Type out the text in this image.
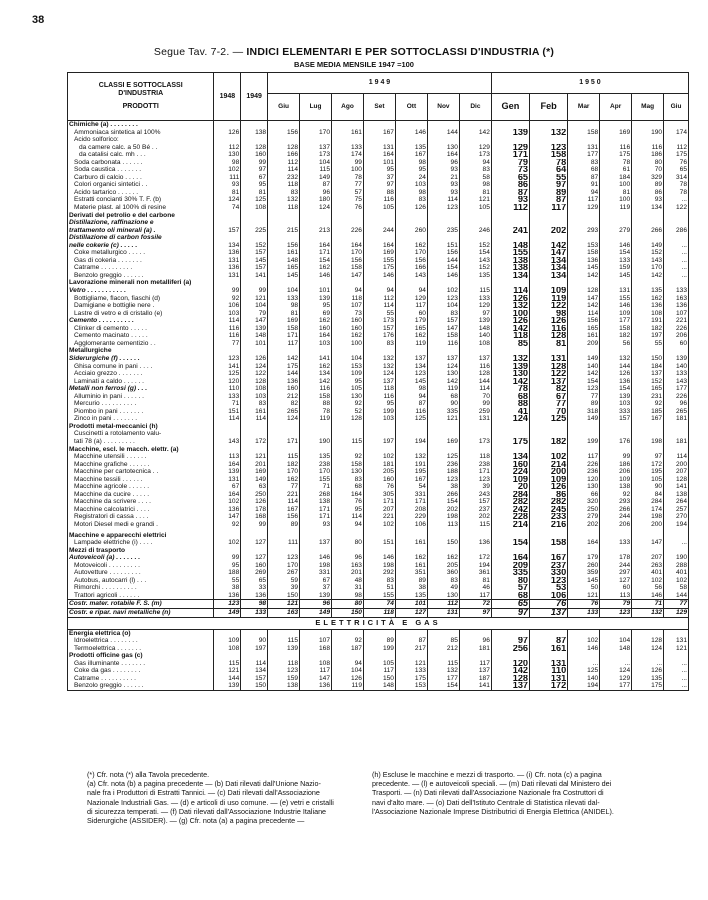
38
Segue Tav. 7-2. — INDICI ELEMENTARI E PER SOTTOCLASSI D'INDUSTRIA (*)
BASE MEDIA MENSILE 1947 =100
CLASSI E SOTTOCLASSI
D'INDUSTRIA
PRODOTTI	1948	1949	1 9 4 9							1 9 5 0					
			Giu	Lug	Ago	Set	Ott	Nov	Dic	Gen	Feb	Mar	Apr	Mag	Giu
Chimiche (a) . . . . . . . .															
Ammoniaca sintetica al 100%	126	138	156	170	161	167	146	144	142	139	132	158	169	190	174
Acido solforico:															
da camere calc. a 50 Bé . .	112	128	128	137	133	131	135	130	129	129	123	131	116	116	112
da catalisi calc. mh . . .	130	160	166	173	174	164	167	164	173	171	158	177	175	186	175
Soda carbonata . . . . . .	98	99	112	104	99	101	98	96	94	79	78	83	78	80	76
Soda caustica . . . . . . .	102	97	114	115	100	95	95	93	83	73	64	68	61	70	65
Carburo di calcio . . . . .	111	67	232	149	78	37	24	21	58	65	55	87	184	329	314
Colori organici sintetici . .	93	95	118	87	77	97	103	93	98	86	97	91	100	89	78
Acido tartarico . . . . . .	81	81	83	96	57	88	98	93	81	87	89	94	81	86	78
Estratti concianti 30% T. F. (b)	124	125	132	180	75	116	83	114	121	93	87	117	100	93	...
Materie plast. al 100% di resine	74	108	118	124	76	105	126	123	105	112	117	129	119	134	122
Derivati del petrolio e del carbone															
Distillazione, raffinazione e															
trattamento oli minerali (a) .	157	225	215	213	226	244	260	235	246	241	202	293	279	266	286
Distillazione di carbon fossile															
nelle cokerie (c) . . . . .	134	152	156	164	164	164	162	151	152	148	142	153	146	149	...
Coke metallurgico . . . . .	136	157	161	171	170	169	170	156	154	155	147	158	154	152	...
Gas di cokeria . . . . . . .	131	145	148	154	156	155	156	144	143	138	134	136	133	143	...
Catrame . . . . . . . . .	136	157	165	162	158	175	166	154	152	138	134	145	159	170	...
Benzolo greggio . . . . . .	131	141	145	146	147	146	143	146	135	134	134	142	145	142	...
Lavorazione minerali non metalliferi (a)															
Vetro . . . . . . . . . . .	99	99	104	101	94	94	94	102	115	114	109	128	131	135	133
Bottigliame, flacon, fiaschi (d)	92	121	133	139	118	112	129	123	133	126	119	147	155	162	163
Damigiane e bottiglie nere .	106	104	98	95	107	114	117	104	129	132	122	142	146	136	136
Lastre di vetro e di cristallo (e)	103	79	81	69	73	55	60	83	97	100	98	114	109	108	107
Cemento . . . . . . . . . .	114	147	169	162	160	173	179	157	139	126	126	156	177	191	221
Clinker di cemento . . . . .	116	139	158	160	160	157	165	147	148	142	116	165	158	182	226
Cemento macinato . . . . .	116	148	171	164	162	176	162	158	140	118	128	161	182	197	206
Agglomerante cementizio . .	77	101	117	103	100	83	119	116	108	85	81	209	56	55	60
Metallurgiche															
Siderurgiche (f) . . . . . .	123	126	142	141	104	132	137	137	137	132	131	149	132	150	139
Ghisa comune in pani . . . .	141	124	175	162	153	132	134	124	116	139	128	140	144	184	140
Acciaio grezzo . . . . . . .	125	122	144	134	109	124	123	130	128	130	122	142	126	137	133
Laminati a caldo . . . . . .	120	128	136	142	95	137	145	142	144	142	137	154	136	152	143
Metalli non ferrosi (g) . . .	110	108	160	116	105	118	98	119	114	78	82	123	154	165	177
Alluminio in pani . . . . . .	133	103	212	158	130	116	94	68	70	68	67	77	139	231	226
Mercurio . . . . . . . . . .	71	83	82	88	92	95	87	90	99	88	77	89	103	92	96
Piombo in pani . . . . . . .	151	161	265	78	52	199	116	335	259	41	70	318	333	185	265
Zinco in pani . . . . . . .	114	114	124	119	128	103	125	121	131	124	125	149	157	167	181
Prodotti metal-meccanici (h)															
Cuscinetti a rotolamento valu-															
tati 78 (a) . . . . . . . . .	143	172	171	190	115	197	194	169	173	175	182	199	176	198	181
Macchine, escl. le macch. elettr. (a)															
Macchine utensili . . . . . .	113	121	115	135	92	102	132	125	118	134	102	117	99	97	114
Macchine grafiche . . . . . .	164	201	182	238	158	181	191	236	238	160	214	226	186	172	200
Macchine per cartotecnica . .	139	169	170	170	130	205	195	188	171	224	200	236	206	195	207
Macchine tessili . . . . . .	131	149	162	155	83	160	167	123	123	109	109	120	109	105	128
Macchine agricole . . . . . .	67	63	77	71	68	76	54	38	39	20	126	130	138	90	141
Macchine da cucire . . . . .	164	250	221	268	164	305	331	266	243	284	86	66	92	84	138
Macchine da scrivere . . . .	102	126	114	138	76	171	171	154	157	282	282	320	293	284	264
Macchine calcolatrici . . . .	136	178	167	171	95	207	208	202	237	242	245	250	266	174	257
Registratori di cassa . . . .	147	168	156	171	114	221	229	198	202	228	233	279	244	198	270
Motori Diesel medi e grandi .	92	99	89	93	94	102	106	113	115	214	216	202	206	200	194

Macchine e apparecchi elettrici															
Lampade elettriche (i) . . . .	102	127	111	137	80	151	161	150	136	154	158	164	133	147	...
Mezzi di trasporto															
Autoveicoli (a) . . . . . . .	99	127	123	146	96	146	162	162	172	164	167	179	178	207	190
Motoveicoli . . . . . . . . .	95	160	170	198	163	198	161	205	194	209	237	260	244	263	288
Autovetture . . . . . . . . .	188	269	267	331	201	292	351	360	361	335	330	359	297	401	401
Autobus, autocarri (l) . . .	55	65	59	67	48	83	89	83	81	80	123	145	127	102	102
Rimorchi . . . . . . . . . .	38	33	39	37	31	51	38	49	46	57	53	50	60	56	58
Trattori agricoli . . . . . .	136	136	150	139	98	155	135	130	117	68	106	121	113	146	144
Costr. mater. rotabile F. S. (m)	123	98	121	96	80	74	101	112	72	65	76	76	79	71	77
Costr. e ripar. navi metalliche (n)	149	133	163	149	150	118	127	131	97	97	137	133	123	132	129
ELETTRICITÀ E GAS															
Energia elettrica (o)															
Idroelettrica . . . . . . . .	109	90	115	107	92	89	87	85	96	97	87	102	104	128	131
Termoelettrica . . . . . . .	108	197	139	168	187	199	217	212	181	256	161	146	148	124	121
Prodotti officine gas (c)															
Gas illuminante . . . . . . .	115	114	118	108	94	105	121	115	117	120	131	...	...	...	...
Coke da gas . . . . . . . .	121	134	123	117	104	117	133	132	137	142	110	125	124	126	...
Catrame . . . . . . . . . .	144	157	159	147	126	150	175	177	187	128	131	140	129	135	...
Benzolo greggio . . . . . .	139	150	138	136	119	148	153	154	141	137	172	194	177	175	...
(*) Cfr. nota (*) alla Tavola precedente.
(a) Cfr. nota (b) a pagina precedente — (b) Dati rilevati dall'Unione Nazio-
nale fra i Produttori di Estratti Tannici. — (c) Dati rilevati dall'Associazione
Nazionale Industriali Gas. — (d) e articoli di uso comune. — (e) vetri e cristalli
di sicurezza temperati. — (f) Dati rilevati dall'Associazione Industrie Italiane
Siderurgiche (ASSIDER). — (g) Cfr. nota (a) a pagina precedente —
(h) Escluse le macchine e mezzi di trasporto. — (i) Cfr. nota (c) a pagina
precedente. — (l) e autoveicoli speciali. — (m) Dati rilevati dal Ministero dei
Trasporti. — (n) Dati rilevati dall'Associazione Nazionale fra Costruttori di
navi d'alto mare. — (o) Dati dell'Istituto Centrale di Statistica rilevati dal-
l'Associazione Nazionale Imprese Distributrici di Energia Elettrica (ANIDEL).
